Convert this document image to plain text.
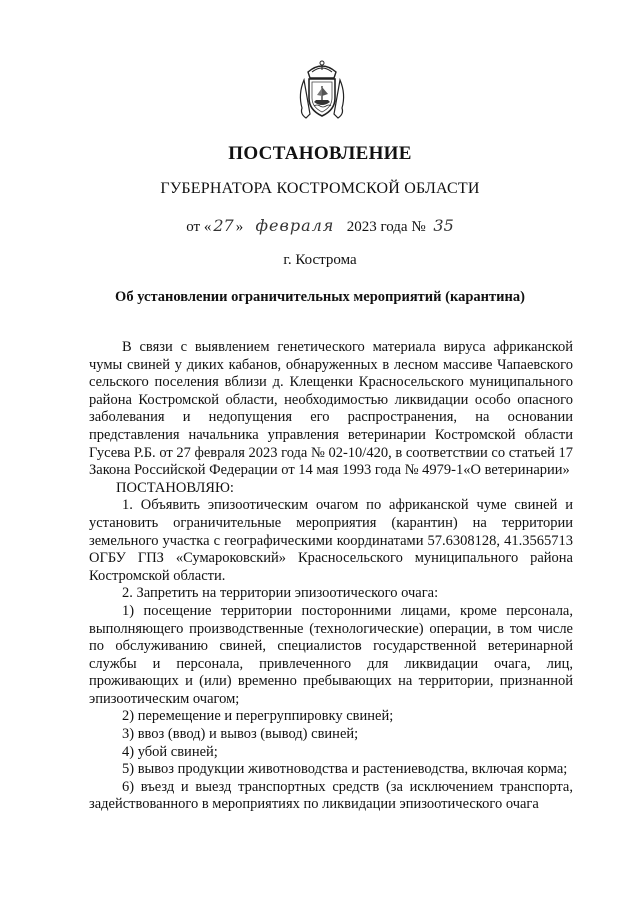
ПОСТАНОВЛЕНИЕ
ГУБЕРНАТОРА КОСТРОМСКОЙ ОБЛАСТИ
от « 27 » февраля 2023 года № 35
г. Кострома
Об установлении ограничительных мероприятий (карантина)

В связи с выявлением генетического материала вируса африканской чумы свиней у диких кабанов, обнаруженных в лесном массиве Чапаевского сельского поселения вблизи д. Клещенки Красносельского муниципального района Костромской области, необходимостью ликвидации особо опасного заболевания и недопущения его распространения, на основании представления начальника управления ветеринарии Костромской области Гусева Р.Б. от 27 февраля 2023 года № 02-10/420, в соответствии со статьей 17 Закона Российской Федерации от 14 мая 1993 года № 4979-1«О ветеринарии»

ПОСТАНОВЛЯЮ:

1. Объявить эпизоотическим очагом по африканской чуме свиней и установить ограничительные мероприятия (карантин) на территории земельного участка с географическими координатами 57.6308128, 41.3565713 ОГБУ ГПЗ «Сумароковский» Красносельского муниципального района Костромской области.

2. Запретить на территории эпизоотического очага:

1) посещение территории посторонними лицами, кроме персонала, выполняющего производственные (технологические) операции, в том числе по обслуживанию свиней, специалистов государственной ветеринарной службы и персонала, привлеченного для ликвидации очага, лиц, проживающих и (или) временно пребывающих на территории, признанной эпизоотическим очагом;

2) перемещение и перегруппировку свиней;

3) ввоз (ввод) и вывоз (вывод) свиней;

4) убой свиней;

5) вывоз продукции животноводства и растениеводства, включая корма;

6) въезд и выезд транспортных средств (за исключением транспорта, задействованного в мероприятиях по ликвидации эпизоотического очага
